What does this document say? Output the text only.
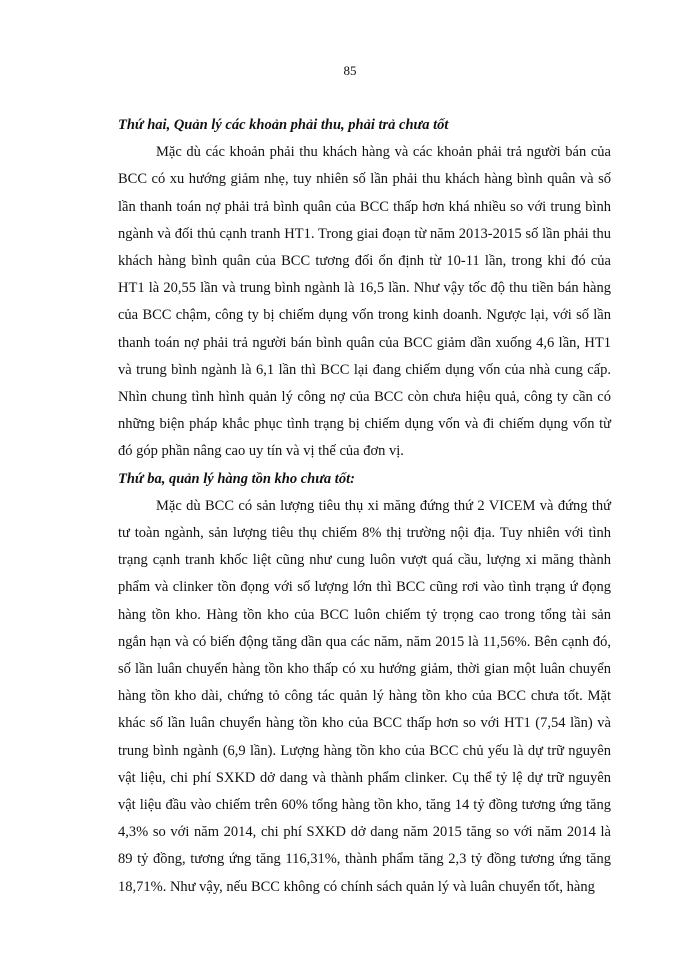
85

Thứ hai, Quản lý các khoản phải thu, phải trả chưa tốt

Mặc dù các khoản phải thu khách hàng và các khoản phải trả người bán của BCC có xu hướng giảm nhẹ, tuy nhiên số lần phải thu khách hàng bình quân và số lần thanh toán nợ phải trả bình quân của BCC thấp hơn khá nhiều so với trung bình ngành và đối thủ cạnh tranh HT1. Trong giai đoạn từ năm 2013-2015 số lần phải thu khách hàng bình quân của BCC tương đối ổn định từ 10-11 lần, trong khi đó của HT1 là 20,55 lần và trung bình ngành là 16,5 lần. Như vậy tốc độ thu tiền bán hàng của BCC chậm, công ty bị chiếm dụng vốn trong kinh doanh. Ngược lại, với số lần thanh toán nợ phải trả người bán bình quân của BCC giảm dần xuống 4,6 lần, HT1 và trung bình ngành là 6,1 lần thì BCC lại đang chiếm dụng vốn của nhà cung cấp. Nhìn chung tình hình quản lý công nợ của BCC còn chưa hiệu quả, công ty cần có những biện pháp khắc phục tình trạng bị chiếm dụng vốn và đi chiếm dụng vốn từ đó góp phần nâng cao uy tín và vị thế của đơn vị.

Thứ ba, quản lý hàng tồn kho chưa tốt:

Mặc dù BCC có sản lượng tiêu thụ xi măng đứng thứ 2 VICEM và đứng thứ tư toàn ngành, sản lượng tiêu thụ chiếm 8% thị trường nội địa. Tuy nhiên với tình trạng cạnh tranh khốc liệt cũng như cung luôn vượt quá cầu, lượng xi măng thành phẩm và clinker tồn đọng với số lượng lớn thì BCC cũng rơi vào tình trạng ứ đọng hàng tồn kho. Hàng tồn kho của BCC luôn chiếm tỷ trọng cao trong tổng tài sản ngắn hạn và có biến động tăng dần qua các năm, năm 2015 là 11,56%. Bên cạnh đó, số lần luân chuyển hàng tồn kho thấp có xu hướng giảm, thời gian một luân chuyển hàng tồn kho dài, chứng tỏ công tác quản lý hàng tồn kho của BCC chưa tốt. Mặt khác số lần luân chuyển hàng tồn kho của BCC thấp hơn so với HT1 (7,54 lần) và trung bình ngành (6,9 lần). Lượng hàng tồn kho của BCC chủ yếu là dự trữ nguyên vật liệu, chi phí SXKD dở dang và thành phẩm clinker. Cụ thể tỷ lệ dự trữ nguyên vật liệu đầu vào chiếm trên 60% tổng hàng tồn kho, tăng 14 tỷ đồng tương ứng tăng 4,3% so với năm 2014, chi phí SXKD dở dang năm 2015 tăng so với năm 2014 là 89 tỷ đồng, tương ứng tăng 116,31%, thành phẩm tăng 2,3 tỷ đồng tương ứng tăng 18,71%. Như vậy, nếu BCC không có chính sách quản lý và luân chuyển tốt, hàng
